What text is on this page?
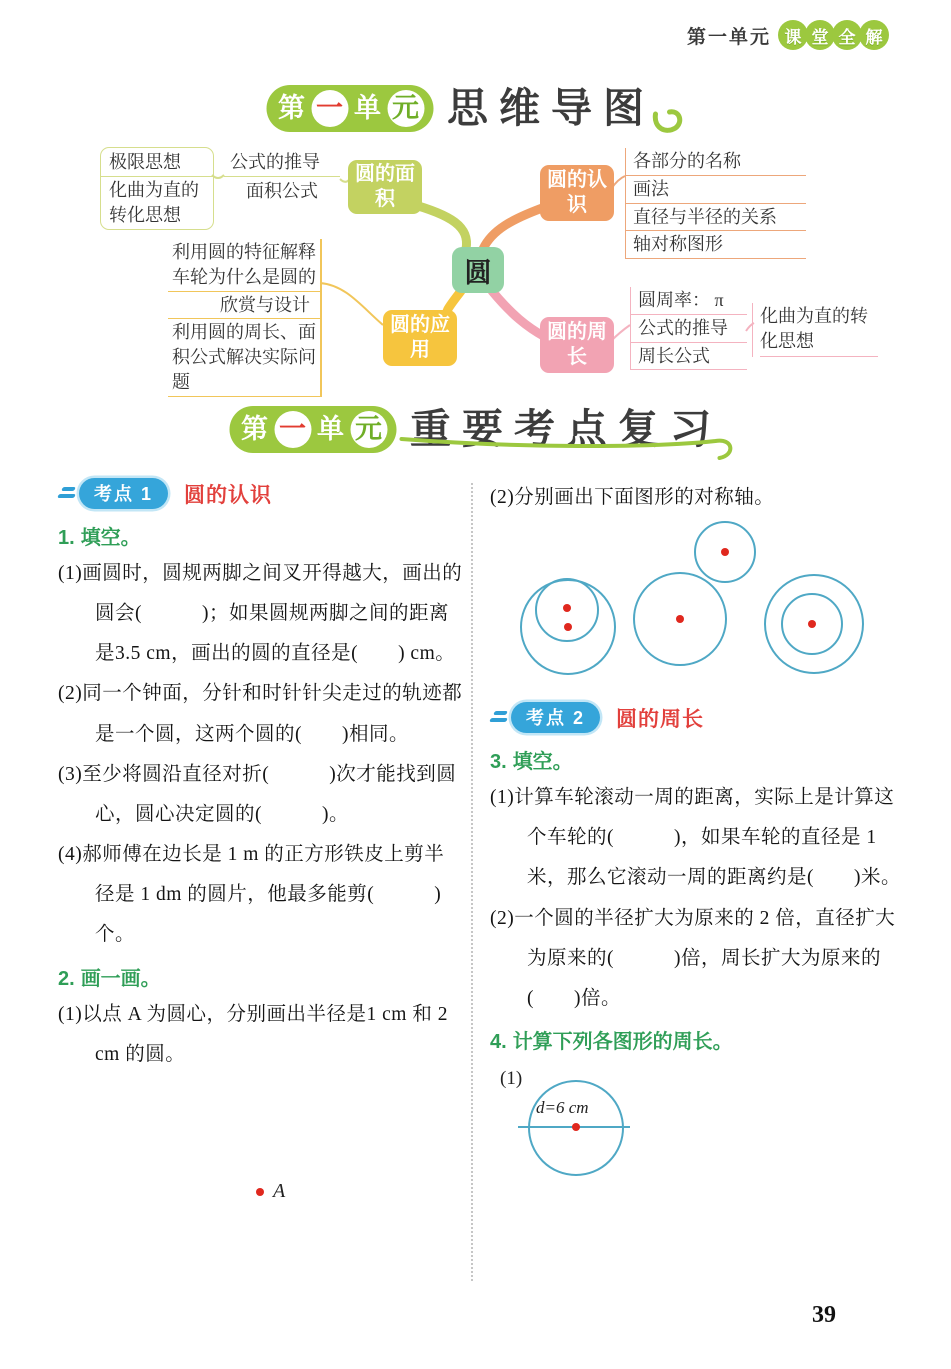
第一单元 课 堂 全 解
第 一 单 元 思维导图
圆
圆的面积
圆的认识
圆的应用
圆的周长
极限思想
化曲为直的
转化思想
公式的推导
面积公式
各部分的名称
画法
直径与半径的关系
轴对称图形
利用圆的特征解释车轮为什么是圆的
欣赏与设计
利用圆的周长、面积公式解决实际问题
圆周率： π
公式的推导
周长公式
化曲为直的转化思想
第 一 单 元 重要考点复习
考点 1	圆的认识
1. 填空。
(1)画圆时，圆规两脚之间叉开得越大，画出的圆会(　　　)；如果圆规两脚之间的距离是3.5 cm，画出的圆的直径是(　　) cm。
(2)同一个钟面，分针和时针针尖走过的轨迹都是一个圆，这两个圆的(　　)相同。
(3)至少将圆沿直径对折(　　　)次才能找到圆心，圆心决定圆的(　　　)。
(4)郝师傅在边长是 1 m 的正方形铁皮上剪半径是 1 dm 的圆片，他最多能剪(　　　)个。
2. 画一画。
(1)以点 A 为圆心，分别画出半径是1 cm 和 2 cm 的圆。
A
(2)分别画出下面图形的对称轴。
考点 2	圆的周长
3. 填空。
(1)计算车轮滚动一周的距离，实际上是计算这个车轮的(　　　)，如果车轮的直径是 1 米，那么它滚动一周的距离约是(　　)米。
(2)一个圆的半径扩大为原来的 2 倍，直径扩大为原来的(　　　)倍，周长扩大为原来的(　　)倍。
4. 计算下列各图形的周长。
(1)
d=6 cm
39
